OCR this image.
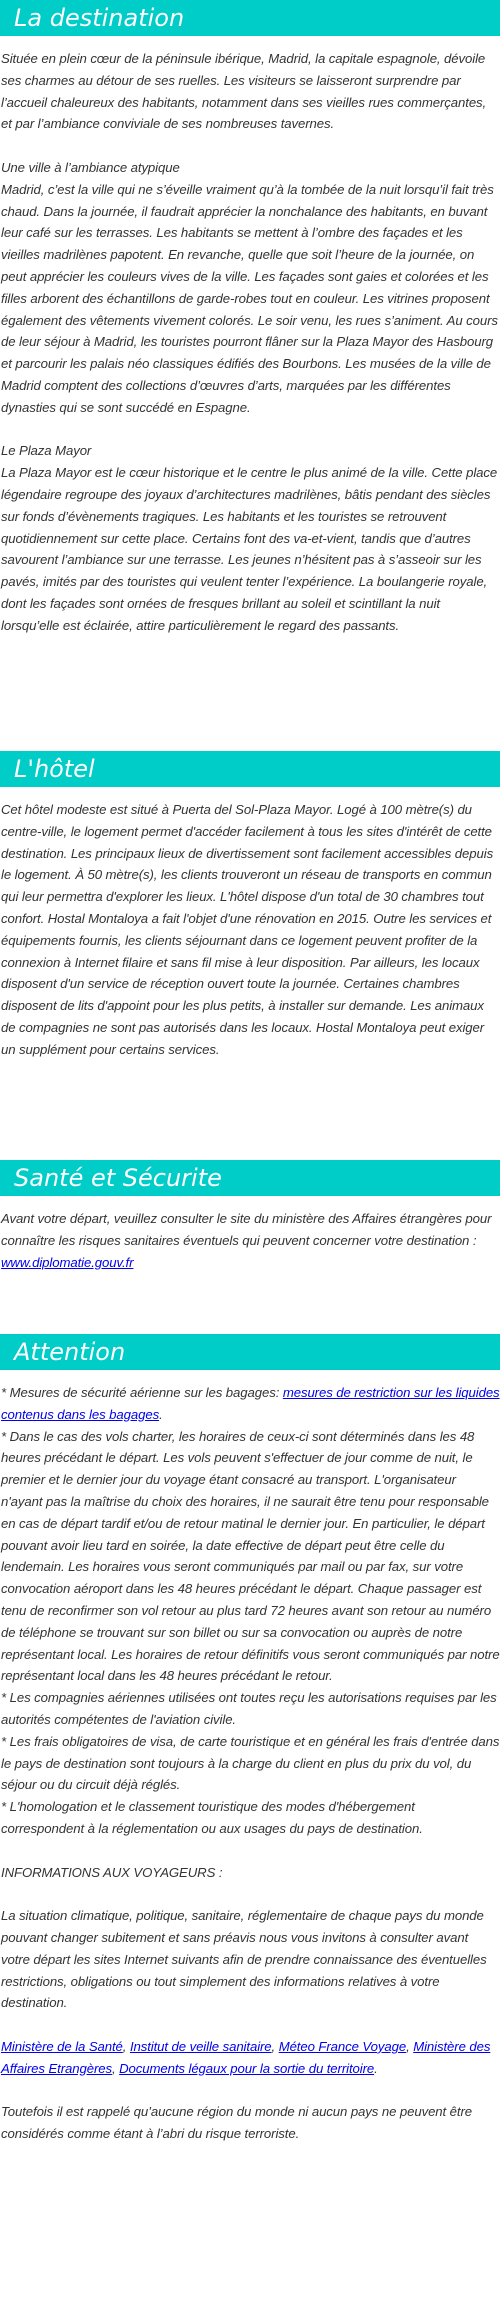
La destination

Située en plein cœur de la péninsule ibérique, Madrid, la capitale espagnole, dévoile ses charmes au détour de ses ruelles. Les visiteurs se laisseront surprendre par l’accueil chaleureux des habitants, notamment dans ses vieilles rues commerçantes, et par l’ambiance conviviale de ses nombreuses tavernes.

Une ville à l’ambiance atypique

Madrid, c’est la ville qui ne s’éveille vraiment qu’à la tombée de la nuit lorsqu’il fait très chaud. Dans la journée, il faudrait apprécier la nonchalance des habitants, en buvant leur café sur les terrasses. Les habitants se mettent à l’ombre des façades et les vieilles madrilènes papotent. En revanche, quelle que soit l’heure de la journée, on peut apprécier les couleurs vives de la ville. Les façades sont gaies et colorées et les filles arborent des échantillons de garde-robes tout en couleur. Les vitrines proposent également des vêtements vivement colorés. Le soir venu, les rues s’animent. Au cours de leur séjour à Madrid, les touristes pourront flâner sur la Plaza Mayor des Hasbourg et parcourir les palais néo classiques édifiés des Bourbons. Les musées de la ville de Madrid comptent des collections d’œuvres d’arts, marquées par les différentes dynasties qui se sont succédé en Espagne.

Le Plaza Mayor

La Plaza Mayor est le cœur historique et le centre le plus animé de la ville. Cette place légendaire regroupe des joyaux d’architectures madrilènes, bâtis pendant des siècles sur fonds d’évènements tragiques. Les habitants et les touristes se retrouvent quotidiennement sur cette place. Certains font des va-et-vient, tandis que d’autres savourent l’ambiance sur une terrasse. Les jeunes n’hésitent pas à s’asseoir sur les pavés, imités par des touristes qui veulent tenter l’expérience. La boulangerie royale, dont les façades sont ornées de fresques brillant au soleil et scintillant la nuit lorsqu’elle est éclairée, attire particulièrement le regard des passants.

L'hôtel

Cet hôtel modeste est situé à Puerta del Sol-Plaza Mayor. Logé à 100 mètre(s) du centre-ville, le logement permet d'accéder facilement à tous les sites d'intérêt de cette destination. Les principaux lieux de divertissement sont facilement accessibles depuis le logement. À 50 mètre(s), les clients trouveront un réseau de transports en commun qui leur permettra d'explorer les lieux. L'hôtel dispose d'un total de 30 chambres tout confort. Hostal Montaloya a fait l'objet d'une rénovation en 2015. Outre les services et équipements fournis, les clients séjournant dans ce logement peuvent profiter de la connexion à Internet filaire et sans fil mise à leur disposition. Par ailleurs, les locaux disposent d'un service de réception ouvert toute la journée. Certaines chambres disposent de lits d'appoint pour les plus petits, à installer sur demande. Les animaux de compagnies ne sont pas autorisés dans les locaux. Hostal Montaloya peut exiger un supplément pour certains services.

Santé et Sécurite

Avant votre départ, veuillez consulter le site du ministère des Affaires étrangères pour connaître les risques sanitaires éventuels qui peuvent concerner votre destination : www.diplomatie.gouv.fr

Attention

* Mesures de sécurité aérienne sur les bagages: mesures de restriction sur les liquides contenus dans les bagages.

* Dans le cas des vols charter, les horaires de ceux-ci sont déterminés dans les 48 heures précédant le départ. Les vols peuvent s'effectuer de jour comme de nuit, le premier et le dernier jour du voyage étant consacré au transport. L'organisateur n'ayant pas la maîtrise du choix des horaires, il ne saurait être tenu pour responsable en cas de départ tardif et/ou de retour matinal le dernier jour. En particulier, le départ pouvant avoir lieu tard en soirée, la date effective de départ peut être celle du lendemain. Les horaires vous seront communiqués par mail ou par fax, sur votre convocation aéroport dans les 48 heures précédant le départ. Chaque passager est tenu de reconfirmer son vol retour au plus tard 72 heures avant son retour au numéro de téléphone se trouvant sur son billet ou sur sa convocation ou auprès de notre représentant local. Les horaires de retour définitifs vous seront communiqués par notre représentant local dans les 48 heures précédant le retour.

* Les compagnies aériennes utilisées ont toutes reçu les autorisations requises par les autorités compétentes de l'aviation civile.

* Les frais obligatoires de visa, de carte touristique et en général les frais d'entrée dans le pays de destination sont toujours à la charge du client en plus du prix du vol, du séjour ou du circuit déjà réglés.

* L'homologation et le classement touristique des modes d'hébergement correspondent à la réglementation ou aux usages du pays de destination.

INFORMATIONS AUX VOYAGEURS :

La situation climatique, politique, sanitaire, réglementaire de chaque pays du monde pouvant changer subitement et sans préavis nous vous invitons à consulter avant votre départ les sites Internet suivants afin de prendre connaissance des éventuelles restrictions, obligations ou tout simplement des informations relatives à votre destination.

Ministère de la Santé, Institut de veille sanitaire, Méteo France Voyage, Ministère des Affaires Etrangères, Documents légaux pour la sortie du territoire.

Toutefois il est rappelé qu’aucune région du monde ni aucun pays ne peuvent être considérés comme étant à l’abri du risque terroriste.
